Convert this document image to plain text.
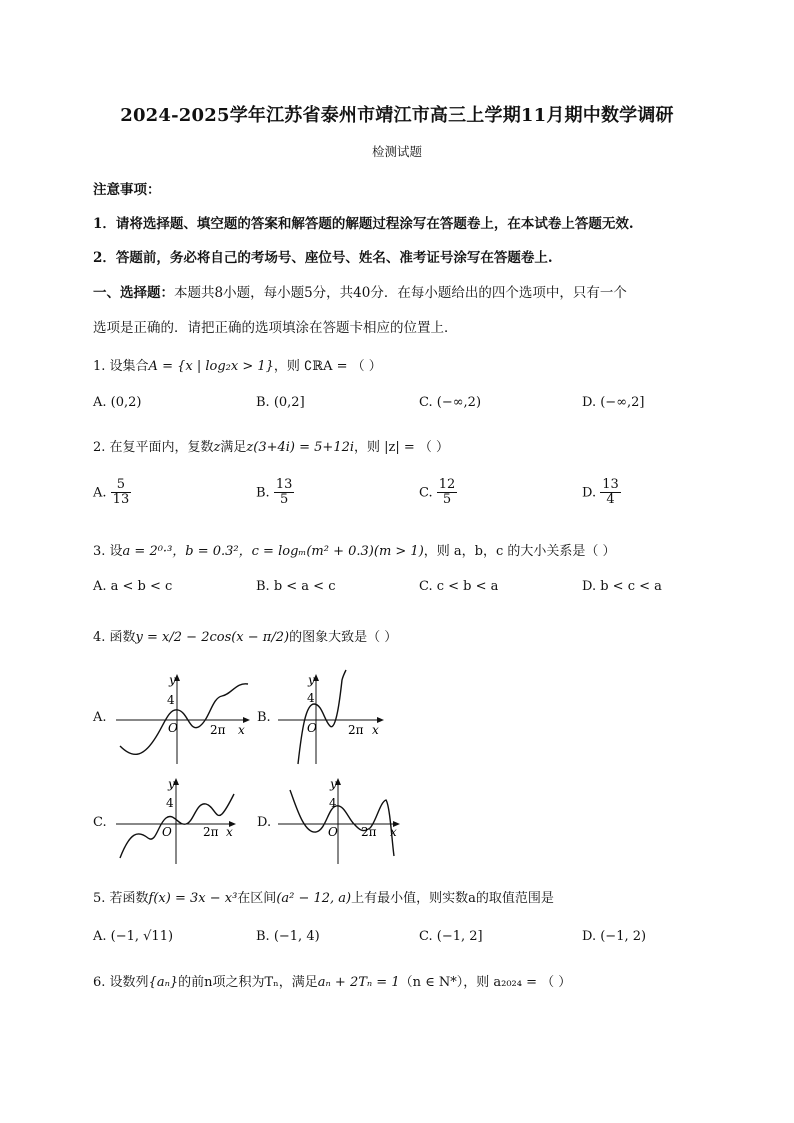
2024-2025学年江苏省泰州市靖江市高三上学期11月期中数学调研
检测试题
注意事项：
1．请将选择题、填空题的答案和解答题的解题过程涂写在答题卷上，在本试卷上答题无效.
2．答题前，务必将自己的考场号、座位号、姓名、准考证号涂写在答题卷上.
一、选择题：本题共8小题，每小题5分，共40分．在每小题给出的四个选项中，只有一个
选项是正确的．请把正确的选项填涂在答题卡相应的位置上．
1. 设集合A = {x | log₂x > 1}，则 ∁ℝA = （ ）
A. (0,2)	B. (0,2]	C. (−∞,2)	D. (−∞,2]
2. 在复平面内，复数z满足z(3+4i) = 5+12i，则 |z| = （ ）
A. $\frac{5}{13}$	B. $\frac{13}{5}$	C. $\frac{12}{5}$	D. $\frac{13}{4}$
3. 设a = 2⁰·³，b = 0.3²，c = logₘ(m² + 0.3)(m > 1)，则 a，b，c 的大小关系是（ ）
A. a < b < c	B. b < a < c	C. c < b < a	D. b < c < a
4. 函数y = x/2 − 2cos(x − π/2)的图象大致是（ ）
A.
y
4
O	2π x
B.
y
4
O	2π x
C.
y
4
O	2π x
D.
y
4
O 2π x
5. 若函数f(x) = 3x − x³在区间(a² − 12, a)上有最小值，则实数a的取值范围是
A. (−1, √11)	B. (−1, 4)	C. (−1, 2]	D. (−1, 2)
6. 设数列{aₙ}的前n项之积为Tₙ，满足aₙ + 2Tₙ = 1（n ∈ N*），则 a₂₀₂₄ = （ ）
